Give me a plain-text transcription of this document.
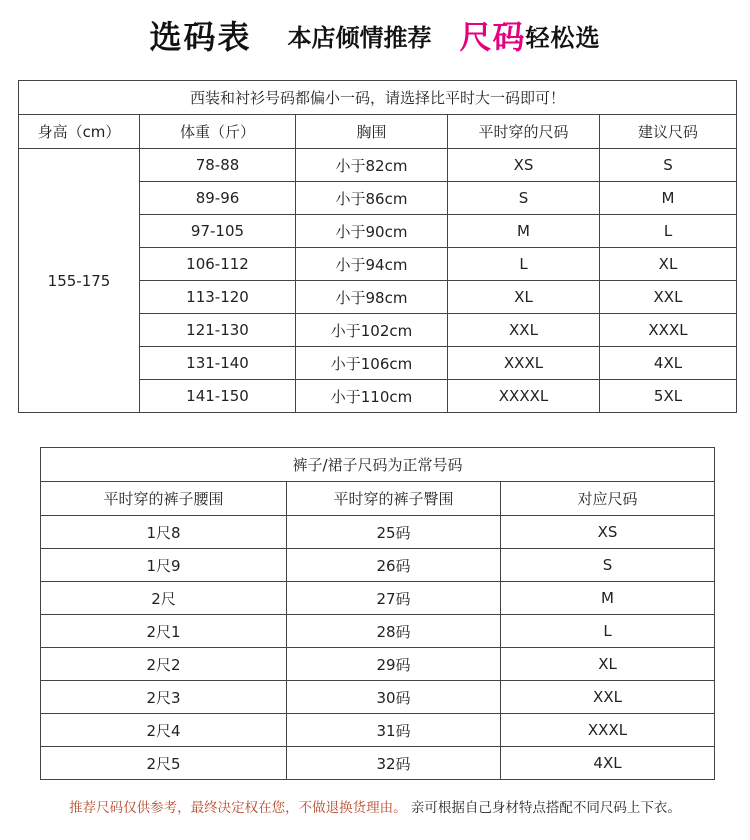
选码表 本店倾情推荐 尺码 轻松选
西装和衬衫号码都偏小一码，请选择比平时大一码即可！				
身高（cm）	体重（斤）	胸围	平时穿的尺码	建议尺码
155-175	78-88	小于82cm	XS	S
	89-96	小于86cm	S	M
	97-105	小于90cm	M	L
	106-112	小于94cm	L	XL
	113-120	小于98cm	XL	XXL
	121-130	小于102cm	XXL	XXXL
	131-140	小于106cm	XXXL	4XL
	141-150	小于110cm	XXXXL	5XL
裤子/裙子尺码为正常号码		
平时穿的裤子腰围	平时穿的裤子臀围	对应尺码
1尺8	25码	XS
1尺9	26码	S
2尺	27码	M
2尺1	28码	L
2尺2	29码	XL
2尺3	30码	XXL
2尺4	31码	XXXL
2尺5	32码	4XL
推荐尺码仅供参考，最终决定权在您，不做退换货理由。 亲可根据自己身材特点搭配不同尺码上下衣。
